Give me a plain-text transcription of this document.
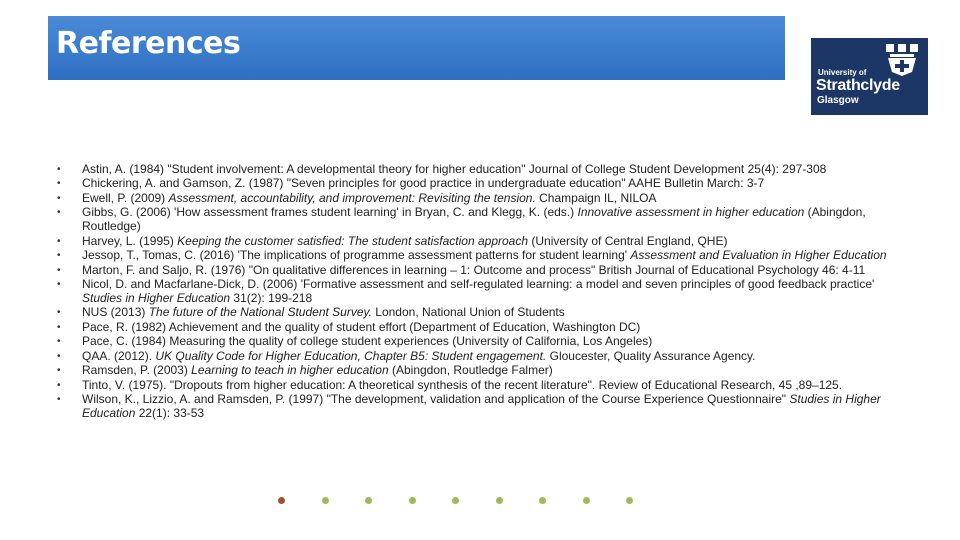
References
University of
Strathclyde
Glasgow
• Astin, A. (1984) "Student involvement: A developmental theory for higher education" Journal of College Student Development 25(4): 297-308
• Chickering, A. and Gamson, Z. (1987) "Seven principles for good practice in undergraduate education" AAHE Bulletin March: 3-7
• Ewell, P. (2009) Assessment, accountability, and improvement: Revisiting the tension. Champaign IL, NILOA
• Gibbs, G. (2006) 'How assessment frames student learning' in Bryan, C. and Klegg, K. (eds.) Innovative assessment in higher education (Abingdon, Routledge)
• Harvey, L. (1995) Keeping the customer satisfied: The student satisfaction approach (University of Central England, QHE)
• Jessop, T., Tomas, C. (2016) 'The implications of programme assessment patterns for student learning' Assessment and Evaluation in Higher Education
• Marton, F. and Saljo, R. (1976) "On qualitative differences in learning – 1: Outcome and process" British Journal of Educational Psychology 46: 4-11
• Nicol, D. and Macfarlane-Dick, D. (2006) 'Formative assessment and self-regulated learning: a model and seven principles of good feedback practice' Studies in Higher Education 31(2): 199-218
• NUS (2013) The future of the National Student Survey. London, National Union of Students
• Pace, R. (1982) Achievement and the quality of student effort (Department of Education, Washington DC)
• Pace, C. (1984) Measuring the quality of college student experiences (University of California, Los Angeles)
• QAA. (2012). UK Quality Code for Higher Education, Chapter B5: Student engagement. Gloucester, Quality Assurance Agency.
• Ramsden, P. (2003) Learning to teach in higher education (Abingdon, Routledge Falmer)
• Tinto, V. (1975). "Dropouts from higher education: A theoretical synthesis of the recent literature". Review of Educational Research, 45 ,89–125.
• Wilson, K., Lizzio, A. and Ramsden, P. (1997) "The development, validation and application of the Course Experience Questionnaire" Studies in Higher Education 22(1): 33-53
